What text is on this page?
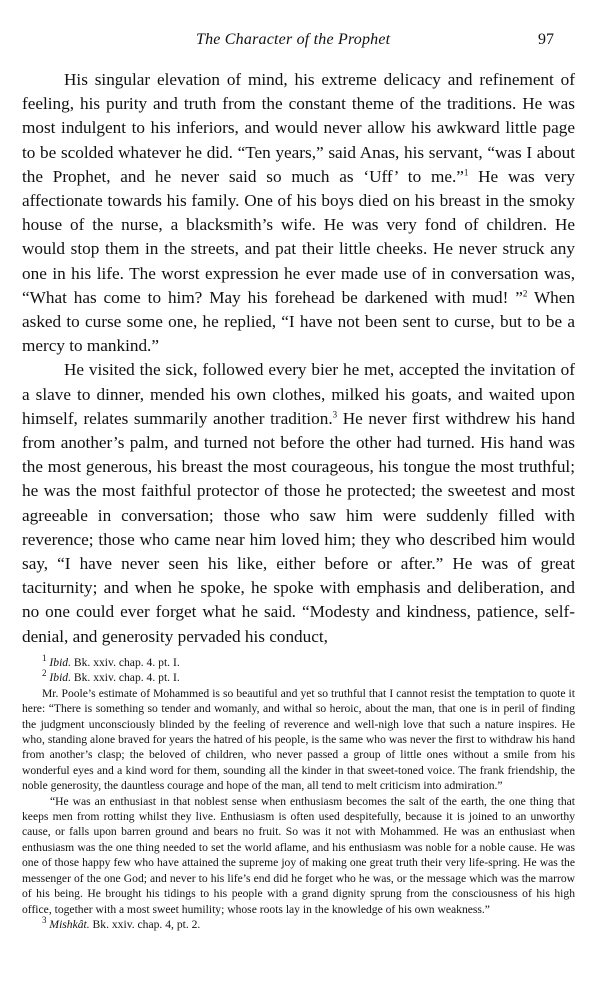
The Character of the Prophet	97

His singular elevation of mind, his extreme delicacy and refinement of feeling, his purity and truth from the constant theme of the traditions. He was most indulgent to his inferiors, and would never allow his awkward little page to be scolded whatever he did. “Ten years,” said Anas, his servant, “was I about the Prophet, and he never said so much as ‘Uff’ to me.”$^1$ He was very affectionate towards his family. One of his boys died on his breast in the smoky house of the nurse, a blacksmith’s wife. He was very fond of children. He would stop them in the streets, and pat their little cheeks. He never struck any one in his life. The worst expression he ever made use of in conversation was, “What has come to him? May his forehead be darkened with mud! ”$^2$ When asked to curse some one, he replied, “I have not been sent to curse, but to be a mercy to mankind.”

He visited the sick, followed every bier he met, accepted the invitation of a slave to dinner, mended his own clothes, milked his goats, and waited upon himself, relates summarily another tradition.$^3$ He never first withdrew his hand from another’s palm, and turned not before the other had turned. His hand was the most generous, his breast the most courageous, his tongue the most truthful; he was the most faithful protector of those he protected; the sweetest and most agreeable in conversation; those who saw him were suddenly filled with reverence; those who came near him loved him; they who described him would say, “I have never seen his like, either before or after.” He was of great taciturnity; and when he spoke, he spoke with emphasis and deliberation, and no one could ever forget what he said. “Modesty and kindness, patience, self-denial, and generosity pervaded his conduct,

$^1$ Ibid. Bk. xxiv. chap. 4. pt. I.

$^2$ Ibid. Bk. xxiv. chap. 4. pt. I.

Mr. Poole’s estimate of Mohammed is so beautiful and yet so truthful that I cannot resist the temptation to quote it here: “There is something so tender and womanly, and withal so heroic, about the man, that one is in peril of finding the judgment unconsciously blinded by the feeling of reverence and well-nigh love that such a nature inspires. He who, standing alone braved for years the hatred of his people, is the same who was never the first to withdraw his hand from another’s clasp; the beloved of children, who never passed a group of little ones without a smile from his wonderful eyes and a kind word for them, sounding all the kinder in that sweet-toned voice. The frank friendship, the noble generosity, the dauntless courage and hope of the man, all tend to melt criticism into admiration.”

“He was an enthusiast in that noblest sense when enthusiasm becomes the salt of the earth, the one thing that keeps men from rotting whilst they live. Enthusiasm is often used despitefully, because it is joined to an unworthy cause, or falls upon barren ground and bears no fruit. So was it not with Mohammed. He was an enthusiast when enthusiasm was the one thing needed to set the world aflame, and his enthusiasm was noble for a noble cause. He was one of those happy few who have attained the supreme joy of making one great truth their very life-spring. He was the messenger of the one God; and never to his life’s end did he forget who he was, or the message which was the marrow of his being. He brought his tidings to his people with a grand dignity sprung from the consciousness of his high office, together with a most sweet humility; whose roots lay in the knowledge of his own weakness.”

$^3$ Mishkât. Bk. xxiv. chap. 4, pt. 2.
